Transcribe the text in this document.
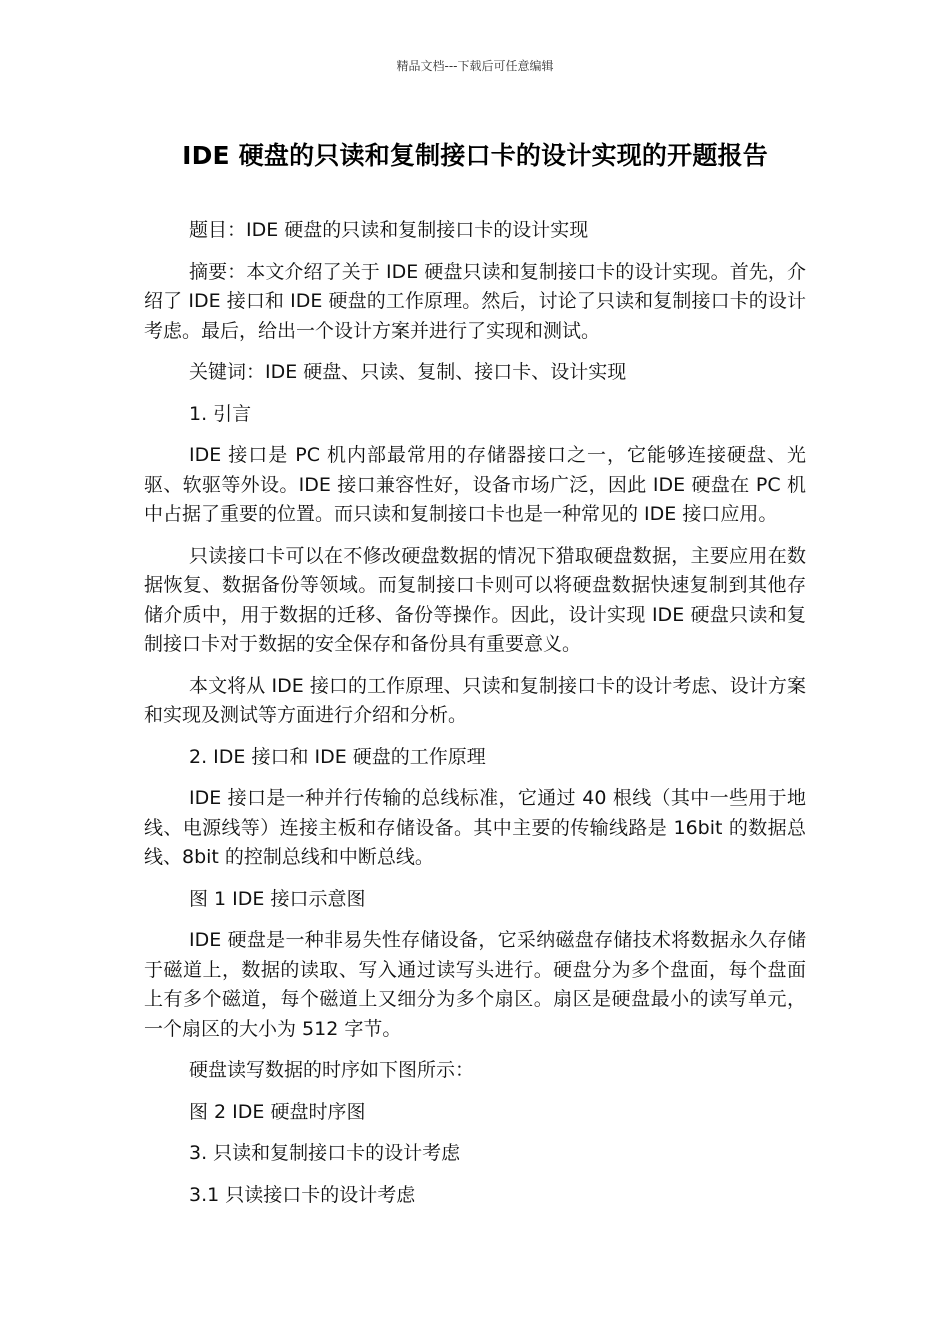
精品文档---下载后可任意编辑
IDE 硬盘的只读和复制接口卡的设计实现的开题报告

题目：IDE 硬盘的只读和复制接口卡的设计实现

摘要：本文介绍了关于 IDE 硬盘只读和复制接口卡的设计实现。首先，介绍了 IDE 接口和 IDE 硬盘的工作原理。然后，讨论了只读和复制接口卡的设计考虑。最后，给出一个设计方案并进行了实现和测试。

关键词：IDE 硬盘、只读、复制、接口卡、设计实现

1. 引言

IDE 接口是 PC 机内部最常用的存储器接口之一，它能够连接硬盘、光驱、软驱等外设。IDE 接口兼容性好，设备市场广泛，因此 IDE 硬盘在 PC 机中占据了重要的位置。而只读和复制接口卡也是一种常见的 IDE 接口应用。

只读接口卡可以在不修改硬盘数据的情况下猎取硬盘数据，主要应用在数据恢复、数据备份等领域。而复制接口卡则可以将硬盘数据快速复制到其他存储介质中，用于数据的迁移、备份等操作。因此，设计实现 IDE 硬盘只读和复制接口卡对于数据的安全保存和备份具有重要意义。

本文将从 IDE 接口的工作原理、只读和复制接口卡的设计考虑、设计方案和实现及测试等方面进行介绍和分析。

2. IDE 接口和 IDE 硬盘的工作原理

IDE 接口是一种并行传输的总线标准，它通过 40 根线（其中一些用于地线、电源线等）连接主板和存储设备。其中主要的传输线路是 16bit 的数据总线、8bit 的控制总线和中断总线。

图 1 IDE 接口示意图

IDE 硬盘是一种非易失性存储设备，它采纳磁盘存储技术将数据永久存储于磁道上，数据的读取、写入通过读写头进行。硬盘分为多个盘面，每个盘面上有多个磁道，每个磁道上又细分为多个扇区。扇区是硬盘最小的读写单元，一个扇区的大小为 512 字节。

硬盘读写数据的时序如下图所示：

图 2 IDE 硬盘时序图

3. 只读和复制接口卡的设计考虑

3.1 只读接口卡的设计考虑
